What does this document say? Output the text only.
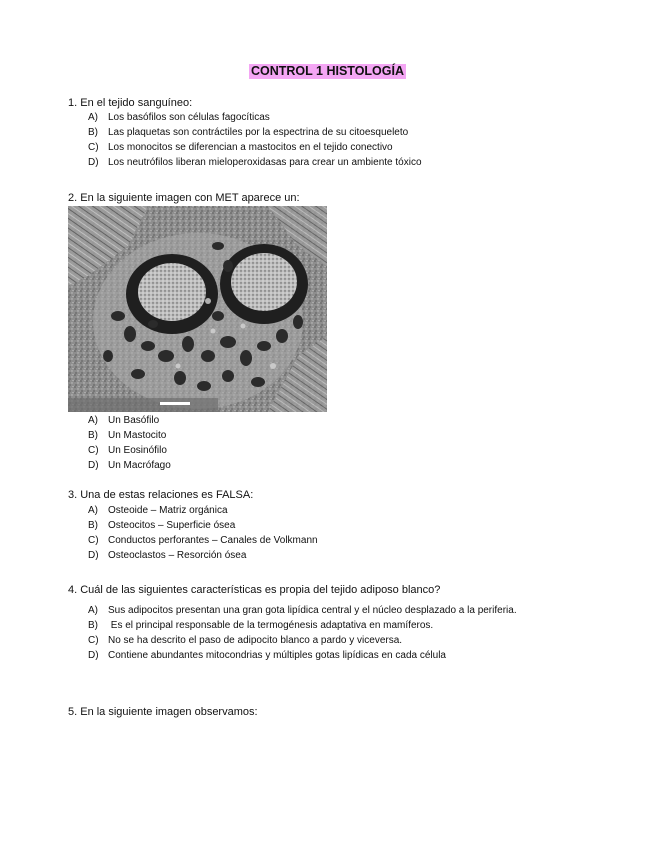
CONTROL 1 HISTOLOGÍA
1. En el tejido sanguíneo:
A)	Los basófilos son células fagocíticas
B)	Las plaquetas son contráctiles por la espectrina de su citoesqueleto
C) Los monocitos se diferencian a mastocitos en el tejido conectivo
D) Los neutrófilos liberan mieloperoxidasas para crear un ambiente tóxico
2. En la siguiente imagen con MET aparece un:
A)	Un Basófilo
B)	Un Mastocito
C) Un Eosinófilo
D) Un Macrófago
3. Una de estas relaciones es FALSA:
A)	Osteoide – Matriz orgánica
B)	Osteocitos – Superficie ósea
C) Conductos perforantes – Canales de Volkmann
D) Osteoclastos – Resorción ósea
4. Cuál de las siguientes características es propia del tejido adiposo blanco?
A)	Sus adipocitos presentan una gran gota lipídica central y el núcleo desplazado a la periferia.
B)	Es el principal responsable de la termogénesis adaptativa en mamíferos.
C) No se ha descrito el paso de adipocito blanco a pardo y viceversa.
D) Contiene abundantes mitocondrias y múltiples gotas lipídicas en cada célula
5. En la siguiente imagen observamos:
